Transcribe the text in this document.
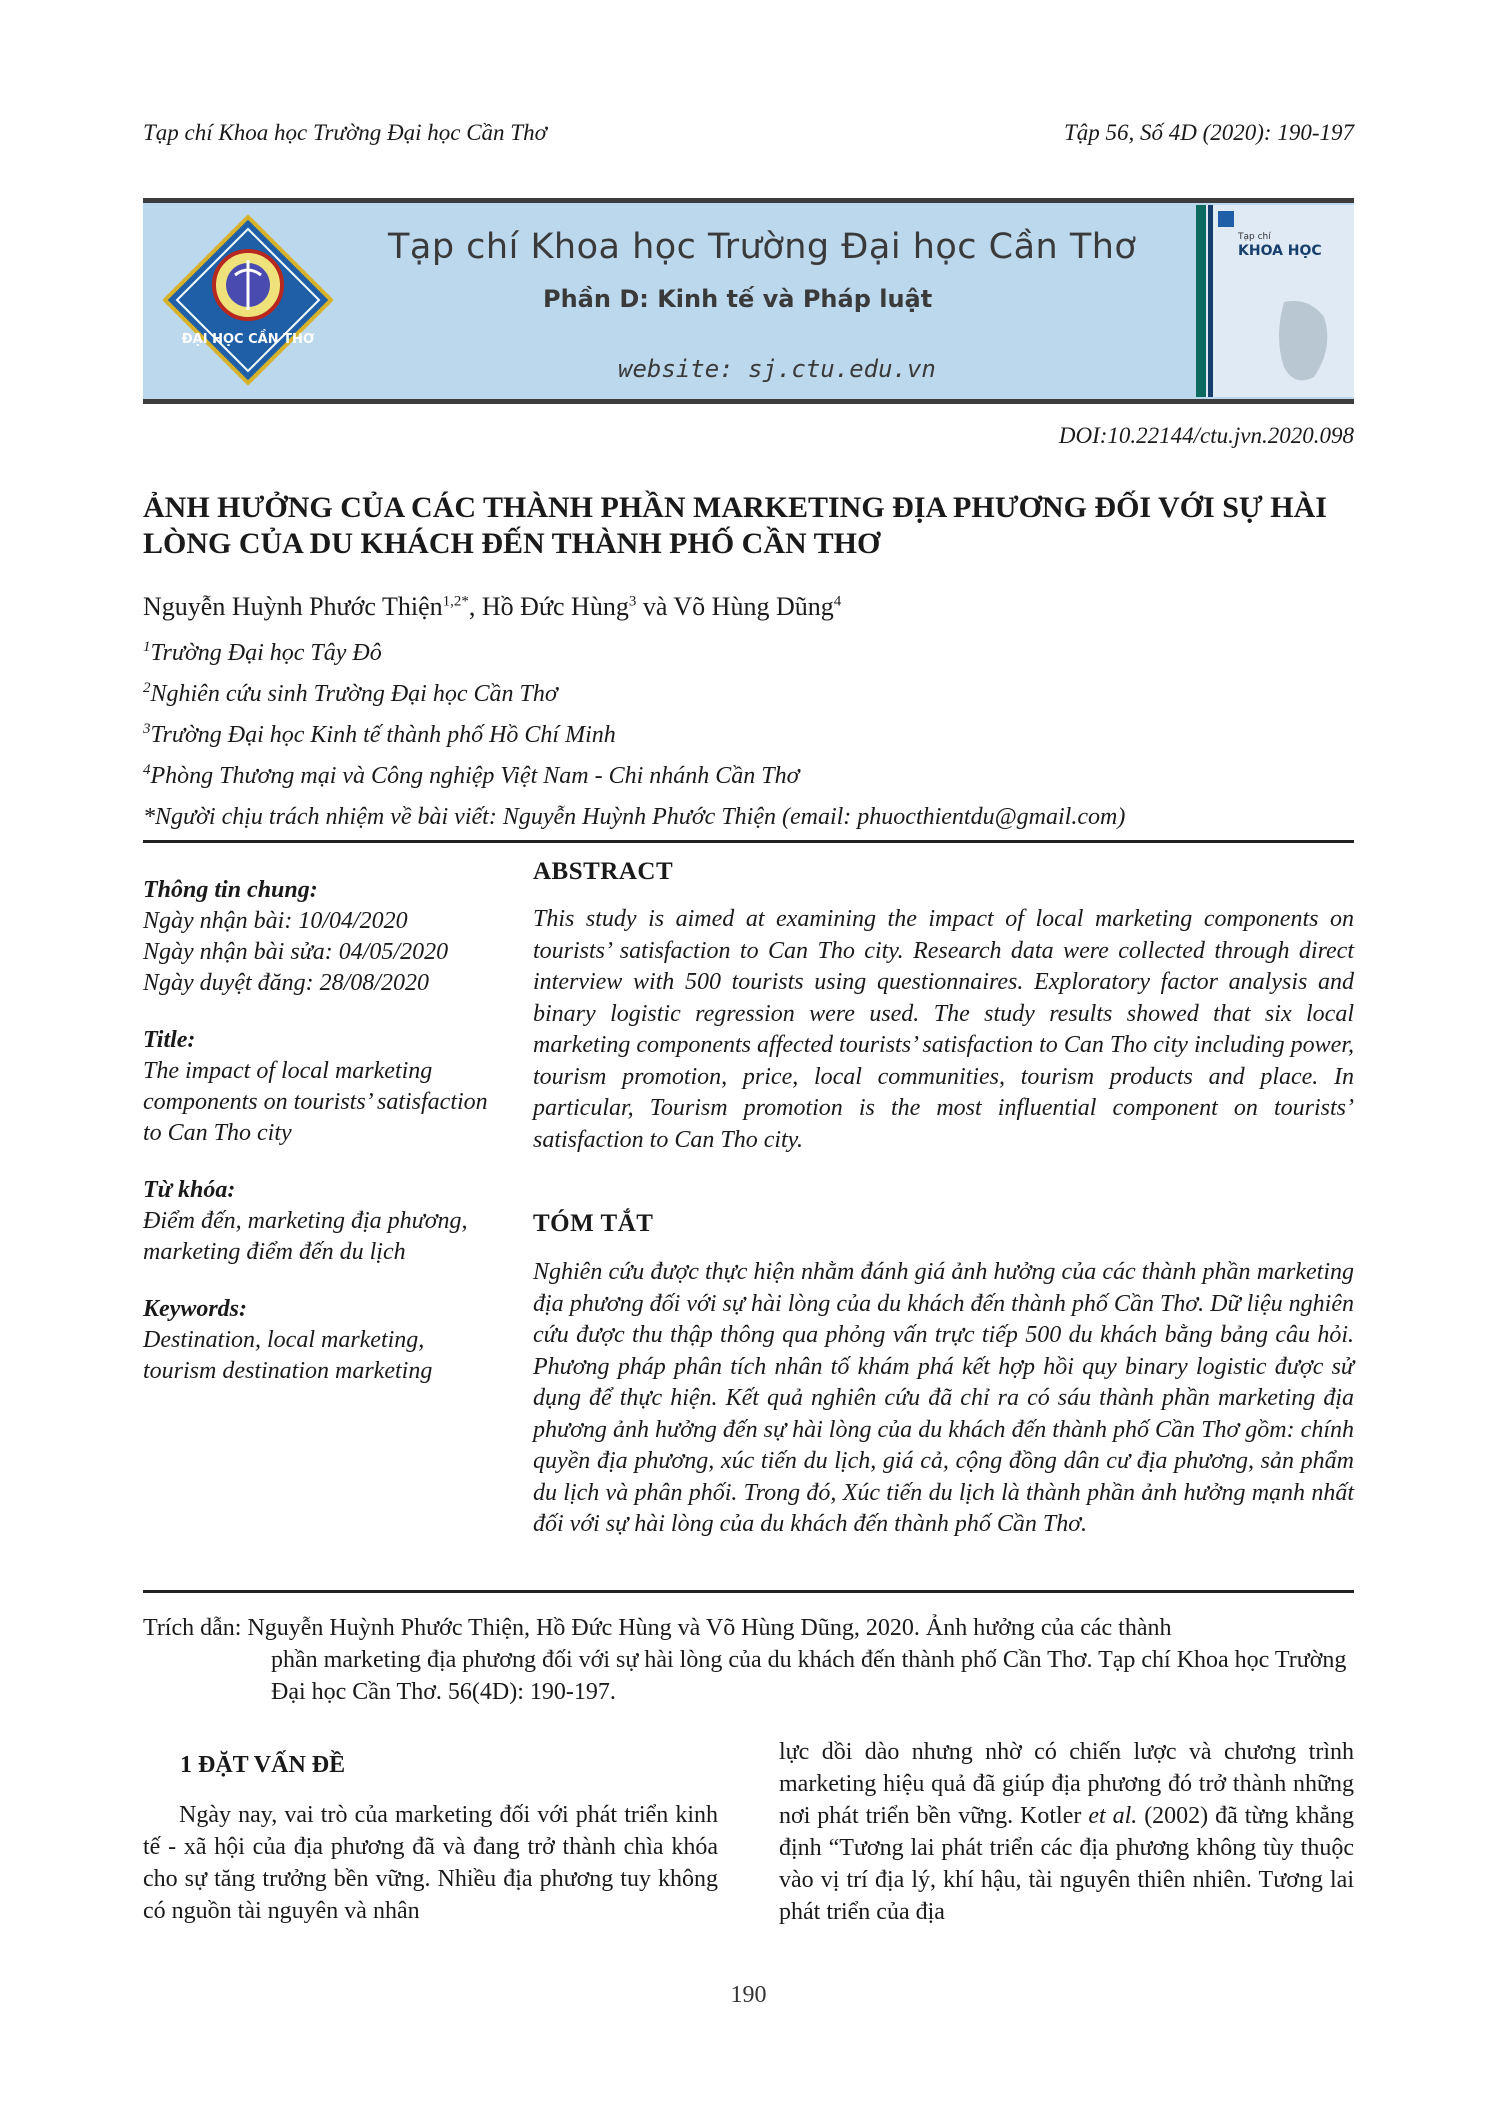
Tạp chí Khoa học Trường Đại học Cần Thơ	Tập 56, Số 4D (2020): 190-197
ĐẠI HỌC CẦN THƠ
Tạp chí Khoa học Trường Đại học Cần Thơ
Phần D: Kinh tế và Pháp luật
website: sj.ctu.edu.vn
Tạp chí
KHOA HỌC
DOI:10.22144/ctu.jvn.2020.098
ẢNH HƯỞNG CỦA CÁC THÀNH PHẦN MARKETING ĐỊA PHƯƠNG ĐỐI VỚI SỰ HÀI LÒNG CỦA DU KHÁCH ĐẾN THÀNH PHỐ CẦN THƠ
Nguyễn Huỳnh Phước Thiện$^{1,2*}$, Hồ Đức Hùng$^3$ và Võ Hùng Dũng$^4$
$^1$Trường Đại học Tây Đô
$^2$Nghiên cứu sinh Trường Đại học Cần Thơ
$^3$Trường Đại học Kinh tế thành phố Hồ Chí Minh
$^4$Phòng Thương mại và Công nghiệp Việt Nam - Chi nhánh Cần Thơ
*Người chịu trách nhiệm về bài viết: Nguyễn Huỳnh Phước Thiện (email: phuocthientdu@gmail.com)

Thông tin chung:

Ngày nhận bài: 10/04/2020
Ngày nhận bài sửa: 04/05/2020
Ngày duyệt đăng: 28/08/2020

Title:

The impact of local marketing components on tourists’ satisfaction to Can Tho city

Từ khóa:

Điểm đến, marketing địa phương, marketing điểm đến du lịch

Keywords:

Destination, local marketing, tourism destination marketing
ABSTRACT
This study is aimed at examining the impact of local marketing components on tourists’ satisfaction to Can Tho city. Research data were collected through direct interview with 500 tourists using questionnaires. Exploratory factor analysis and binary logistic regression were used. The study results showed that six local marketing components affected tourists’ satisfaction to Can Tho city including power, tourism promotion, price, local communities, tourism products and place. In particular, Tourism promotion is the most influential component on tourists’ satisfaction to Can Tho city.
TÓM TẮT
Nghiên cứu được thực hiện nhằm đánh giá ảnh hưởng của các thành phần marketing địa phương đối với sự hài lòng của du khách đến thành phố Cần Thơ. Dữ liệu nghiên cứu được thu thập thông qua phỏng vấn trực tiếp 500 du khách bằng bảng câu hỏi. Phương pháp phân tích nhân tố khám phá kết hợp hồi quy binary logistic được sử dụng để thực hiện. Kết quả nghiên cứu đã chỉ ra có sáu thành phần marketing địa phương ảnh hưởng đến sự hài lòng của du khách đến thành phố Cần Thơ gồm: chính quyền địa phương, xúc tiến du lịch, giá cả, cộng đồng dân cư địa phương, sản phẩm du lịch và phân phối. Trong đó, Xúc tiến du lịch là thành phần ảnh hưởng mạnh nhất đối với sự hài lòng của du khách đến thành phố Cần Thơ.
Trích dẫn: Nguyễn Huỳnh Phước Thiện, Hồ Đức Hùng và Võ Hùng Dũng, 2020. Ảnh hưởng của các thành
phần marketing địa phương đối với sự hài lòng của du khách đến thành phố Cần Thơ. Tạp chí Khoa học Trường Đại học Cần Thơ. 56(4D): 190-197.
1 ĐẶT VẤN ĐỀ
Ngày nay, vai trò của marketing đối với phát triển kinh tế - xã hội của địa phương đã và đang trở thành chìa khóa cho sự tăng trưởng bền vững. Nhiều địa phương tuy không có nguồn tài nguyên và nhân
lực dồi dào nhưng nhờ có chiến lược và chương trình marketing hiệu quả đã giúp địa phương đó trở thành những nơi phát triển bền vững. Kotler et al. (2002) đã từng khẳng định “Tương lai phát triển các địa phương không tùy thuộc vào vị trí địa lý, khí hậu, tài nguyên thiên nhiên. Tương lai phát triển của địa
190
